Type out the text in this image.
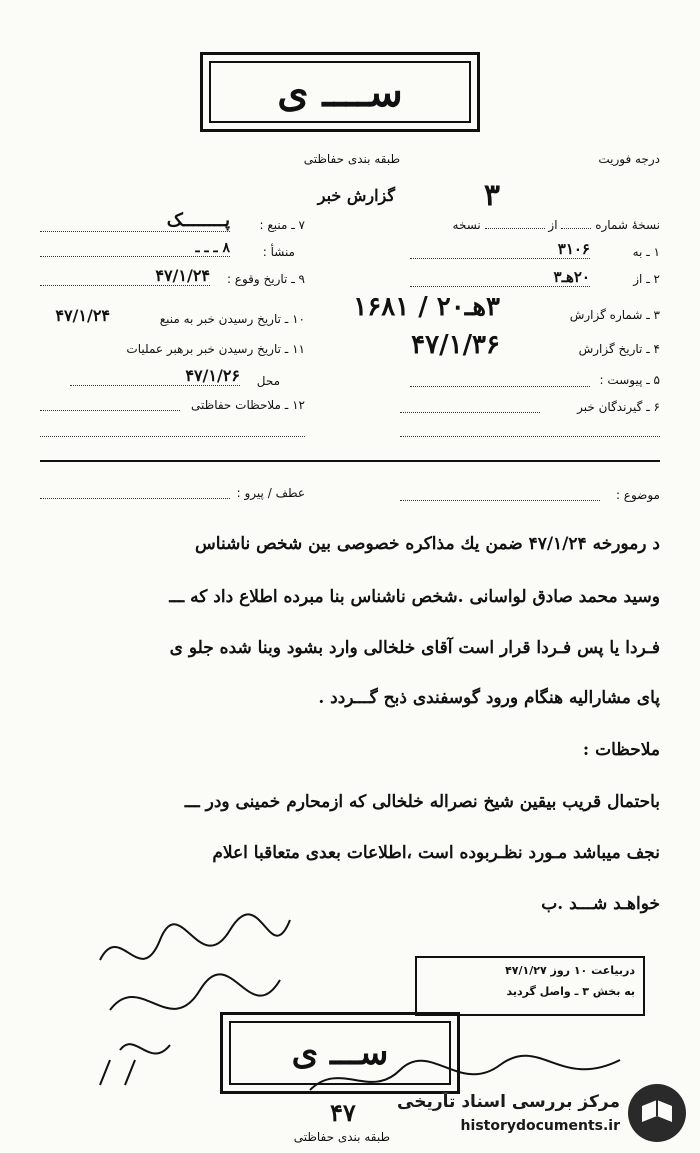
ســــ ی
درجه فوریت
طبقه بندی حفاظتی
گزارش خبر	۳
نسخهٔ شماره  از  نسخه
۱ ـ به
۳۱۰۶
۲ ـ از
۲۰هـ۳
۳ ـ شماره گزارش
۳هـ۲۰ / ۱۶۸۱
۴ ـ تاریخ گزارش
۴۷/۱/۳۶
۵ ـ پیوست :
۶ ـ گیرندگان خبر
۷ ـ منبع :
پــــــــک
منشأ :
۸ ـ ـ ـ
۹ ـ تاریخ وقوع :
۴۷/۱/۲۴
۱۰ ـ تاریخ رسیدن خبر به منبع
۴۷/۱/۲۴
۱۱ ـ تاریخ رسیدن خبر برهبر عملیات
محل
۴۷/۱/۲۶
۱۲ ـ ملاحظات حفاظتی
موضوع :
عطف / پیرو :
د رمورخه ۴۷/۱/۲۴ ضمن یك مذاكره خصوصی بین شخص ناشناس
وسید محمد صادق لواسانی .شخص ناشناس بنا مبرده اطلاع داد كه ـــ
فـردا یا پس فـردا قرار است آقای خلخالی وارد بشود وبنا شده جلو ی
پای مشارالیه هنگام ورود گوسفندی ذبح گـــردد .
ملاحظات :
باحتمال قریب بیقین شیخ نصراله خلخالی كه ازمحارم خمینی ودر ـــ
نجف میباشد مـورد نظـربوده است ،اطلاعات بعدی متعاقبا اعلام
خواهـد شـــد .ب
دربیاعت ۱۰ روز ۴۷/۱/۲۷
به بخش ۳ ـ واصل گردید
ســـ ی
۴۷
طبقه بندی حفاظتی
مرکز بررسی اسناد تاریخی
historydocuments.ir
